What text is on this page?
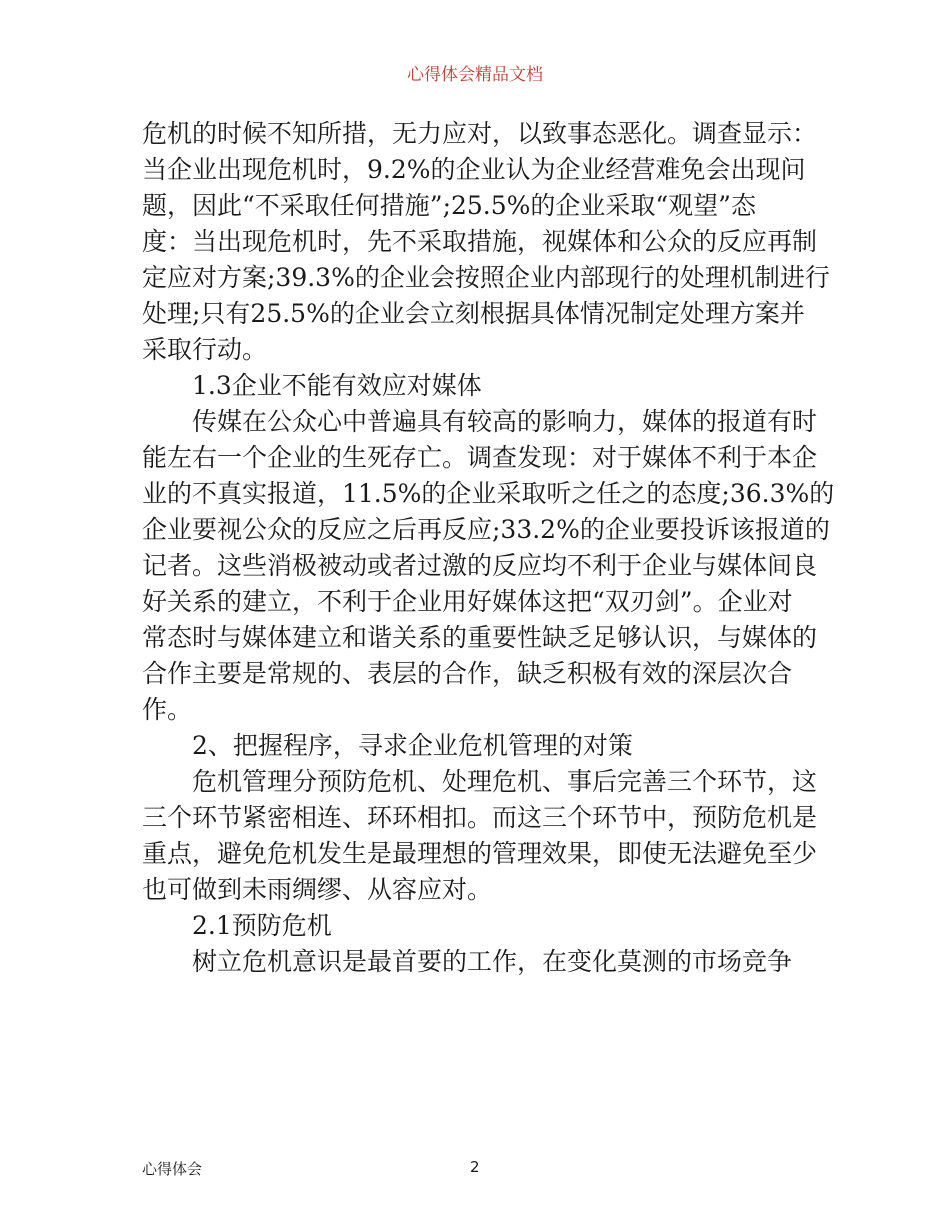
心得体会精品文档
危机的时候不知所措，无力应对，以致事态恶化。调查显示：
当企业出现危机时，9.2%的企业认为企业经营难免会出现问
题，因此“不采取任何措施”;25.5%的企业采取“观望”态
度：当出现危机时，先不采取措施，视媒体和公众的反应再制
定应对方案;39.3%的企业会按照企业内部现行的处理机制进行
处理;只有25.5%的企业会立刻根据具体情况制定处理方案并
采取行动。
1.3企业不能有效应对媒体
传媒在公众心中普遍具有较高的影响力，媒体的报道有时
能左右一个企业的生死存亡。调查发现：对于媒体不利于本企
业的不真实报道，11.5%的企业采取听之任之的态度;36.3%的
企业要视公众的反应之后再反应;33.2%的企业要投诉该报道的
记者。这些消极被动或者过激的反应均不利于企业与媒体间良
好关系的建立，不利于企业用好媒体这把“双刃剑”。企业对
常态时与媒体建立和谐关系的重要性缺乏足够认识，与媒体的
合作主要是常规的、表层的合作，缺乏积极有效的深层次合
作。
2、把握程序，寻求企业危机管理的对策
危机管理分预防危机、处理危机、事后完善三个环节，这
三个环节紧密相连、环环相扣。而这三个环节中，预防危机是
重点，避免危机发生是最理想的管理效果，即使无法避免至少
也可做到未雨绸缪、从容应对。
2.1预防危机
树立危机意识是最首要的工作，在变化莫测的市场竞争
心得体会	2
